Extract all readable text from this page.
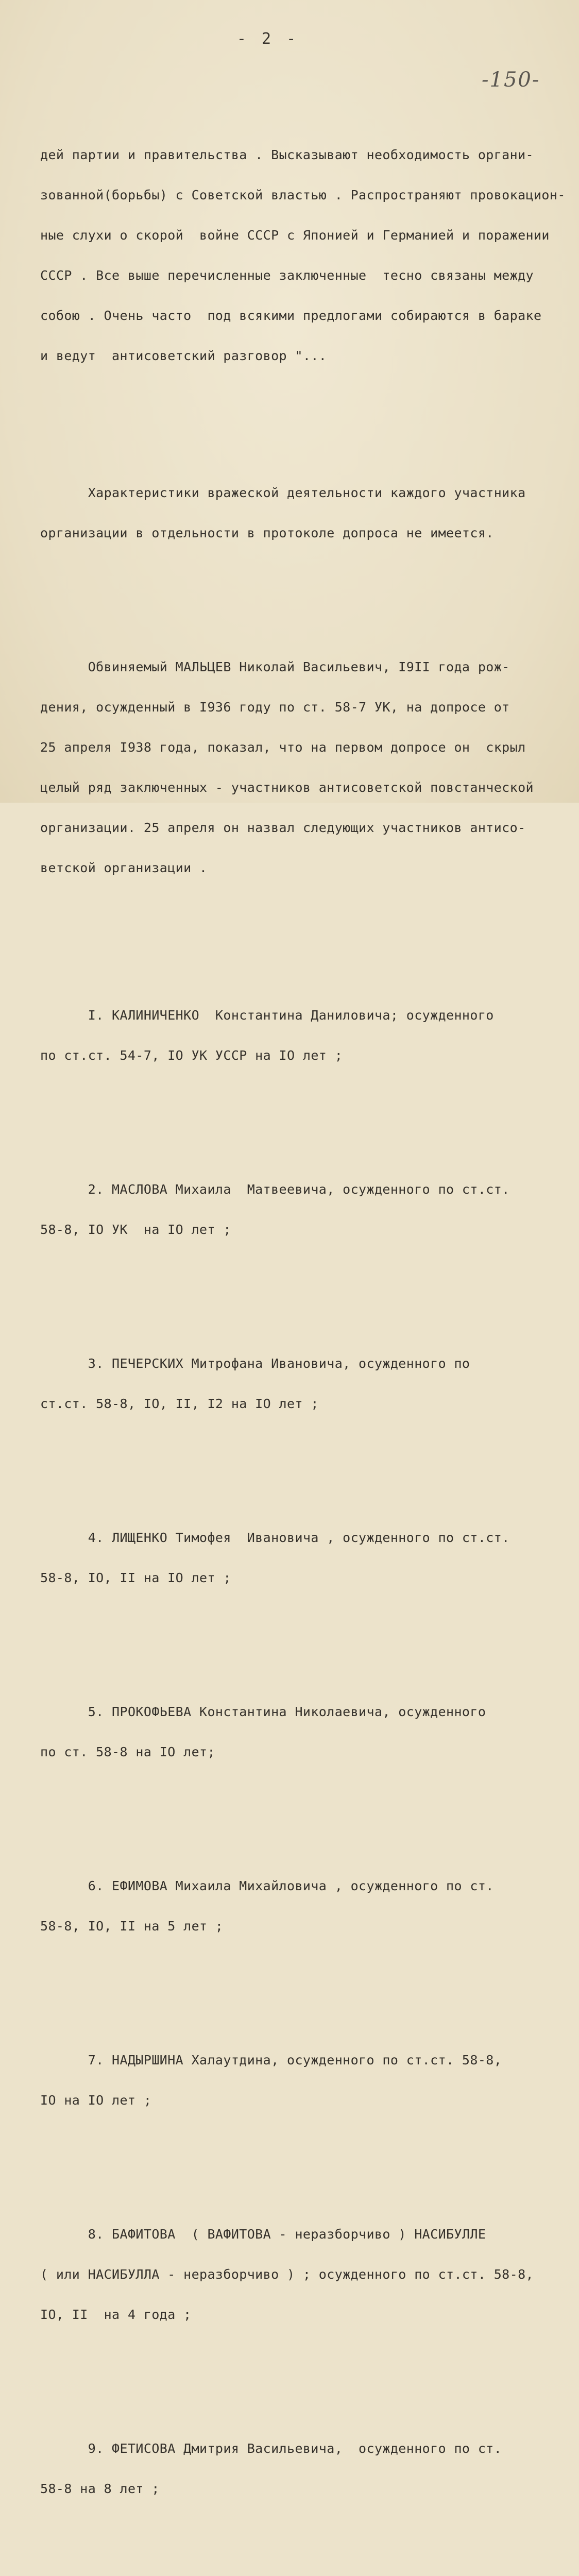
- 2 -
-150-

дей партии и правительства . Высказывают необходимость органи-

зованной(борьбы) с Советской властью . Распространяют провокацион-

ные слухи о скорой  войне СССР с Японией и Германией и поражении

СССР . Все выше перечисленные заключенные  тесно связаны между

собою . Очень часто  под всякими предлогами собираются в бараке

и ведут  антисоветский разговор "...

Характеристики вражеской деятельности каждого участника

организации в отдельности в протоколе допроса не имеется.

Обвиняемый МАЛЬЦЕВ Николай Васильевич, I9II года рож-

дения, осужденный в I936 году по ст. 58-7 УК, на допросе от

25 апреля I938 года, показал, что на первом допросе он  скрыл

целый ряд заключенных - участников антисоветской повстанческой

организации. 25 апреля он назвал следующих участников антисо-

ветской организации .

I. КАЛИНИЧЕНКО  Константина Даниловича; осужденного

по ст.ст. 54-7, IO УК УССР на IO лет ;

2. МАСЛОВА Михаила  Матвеевича, осужденного по ст.ст.

58-8, IO УК  на IO лет ;

3. ПЕЧЕРСКИХ Митрофана Ивановича, осужденного по

ст.ст. 58-8, IO, II, I2 на IO лет ;

4. ЛИЩЕНКО Тимофея  Ивановича , осужденного по ст.ст.

58-8, IO, II на IO лет ;

5. ПРОКОФЬЕВА Константина Николаевича, осужденного

по ст. 58-8 на IO лет;

6. ЕФИМОВА Михаила Михайловича , осужденного по ст.

58-8, IO, II на 5 лет ;

7. НАДЫРШИНА Халаутдина, осужденного по ст.ст. 58-8,

IO на IO лет ;

8. БАФИТОВА  ( ВАФИТОВА - неразборчиво ) НАСИБУЛЛЕ

( или НАСИБУЛЛА - неразборчиво ) ; осужденного по ст.ст. 58-8,

IO, II  на 4 года ;

9. ФЕТИСОВА Дмитрия Васильевича,  осужденного по ст.

58-8 на 8 лет ;
